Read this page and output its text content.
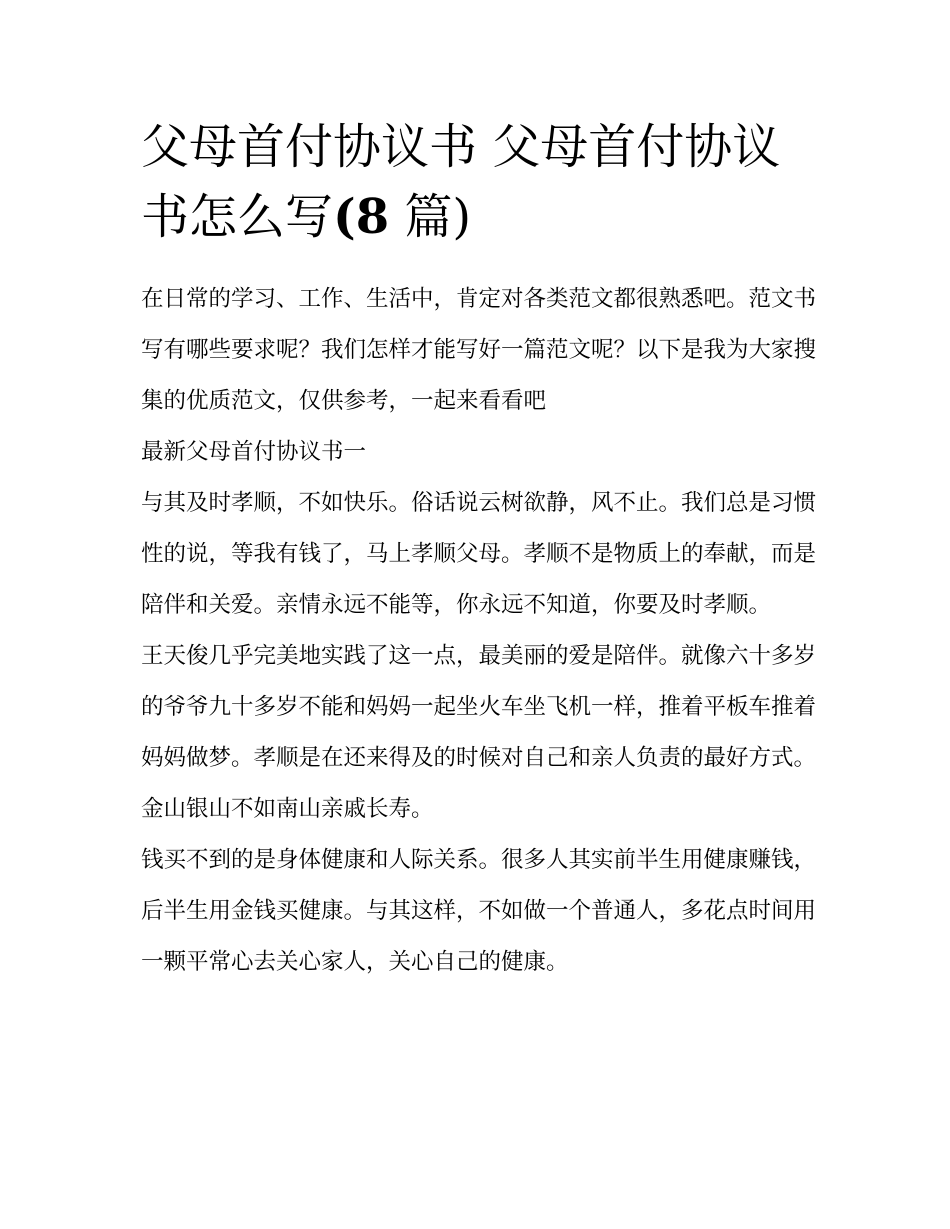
父母首付协议书 父母首付协议
书怎么写(8 篇)

在日常的学习、工作、生活中，肯定对各类范文都很熟悉吧。范文书写有哪些要求呢？我们怎样才能写好一篇范文呢？以下是我为大家搜集的优质范文，仅供参考，一起来看看吧

最新父母首付协议书一

与其及时孝顺，不如快乐。俗话说云树欲静，风不止。我们总是习惯性的说，等我有钱了，马上孝顺父母。孝顺不是物质上的奉献，而是陪伴和关爱。亲情永远不能等，你永远不知道，你要及时孝顺。

王天俊几乎完美地实践了这一点，最美丽的爱是陪伴。就像六十多岁的爷爷九十多岁不能和妈妈一起坐火车坐飞机一样，推着平板车推着妈妈做梦。孝顺是在还来得及的时候对自己和亲人负责的最好方式。

金山银山不如南山亲戚长寿。

钱买不到的是身体健康和人际关系。很多人其实前半生用健康赚钱，后半生用金钱买健康。与其这样，不如做一个普通人，多花点时间用一颗平常心去关心家人，关心自己的健康。
